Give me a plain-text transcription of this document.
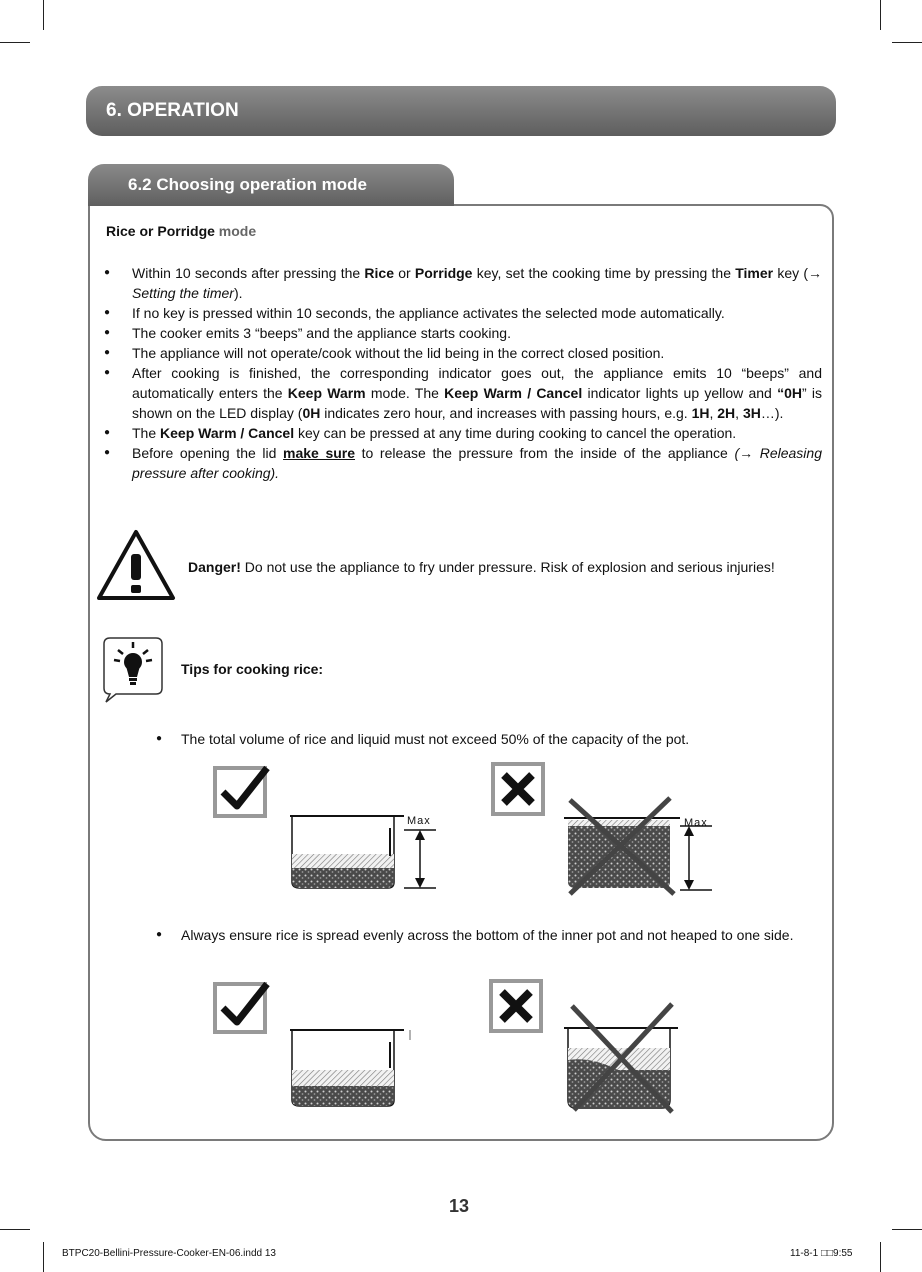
6. OPERATION
6.2 Choosing operation mode
Rice or Porridge mode
● Within 10 seconds after pressing the Rice or Porridge key, set the cooking time by pressing the Timer key (→ Setting the timer).
● If no key is pressed within 10 seconds, the appliance activates the selected mode automatically.
● The cooker emits 3 “beeps” and the appliance starts cooking.
● The appliance will not operate/cook without the lid being in the correct closed position.
● After cooking is finished, the corresponding indicator goes out, the appliance emits 10 “beeps” and automatically enters the Keep Warm mode. The Keep Warm / Cancel indicator lights up yellow and “0H” is shown on the LED display (0H indicates zero hour, and increases with passing hours, e.g. 1H, 2H, 3H…).
● The Keep Warm / Cancel key can be pressed at any time during cooking to cancel the operation.
● Before opening the lid make sure to release the pressure from the inside of the appliance (→ Releasing pressure after cooking).
Danger! Do not use the appliance to fry under pressure. Risk of explosion and serious injuries!
Tips for cooking rice:
● The total volume of rice and liquid must not exceed 50% of the capacity of the pot.
● Always ensure rice is spread evenly across the bottom of the inner pot and not heaped to one side.
Max	Max
13
BTPC20-Bellini-Pressure-Cooker-EN-06.indd 13	11-8-1 □□9:55
